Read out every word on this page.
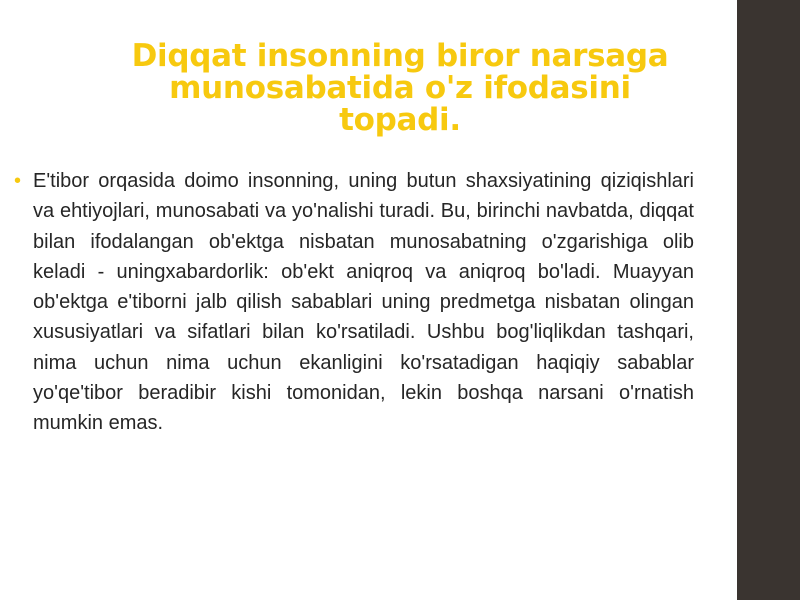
Diqqat insonning biror narsaga munosabatida o'z ifodasini topadi.
• E'tibor orqasida doimo insonning, uning butun shaxsiyatining qiziqishlari va ehtiyojlari, munosabati va yo'nalishi turadi. Bu, birinchi navbatda, diqqat bilan ifodalangan ob'ektga nisbatan munosabatning o'zgarishiga olib keladi - uningxabardorlik: ob'ekt aniqroq va aniqroq bo'ladi. Muayyan ob'ektga e'tiborni jalb qilish sabablari uning predmetga nisbatan olingan xususiyatlari va sifatlari bilan ko'rsatiladi. Ushbu bog'liqlikdan tashqari, nima uchun nima uchun ekanligini ko'rsatadigan haqiqiy sabablar yo'qe'tibor beradibir kishi tomonidan, lekin boshqa narsani o'rnatish mumkin emas.
